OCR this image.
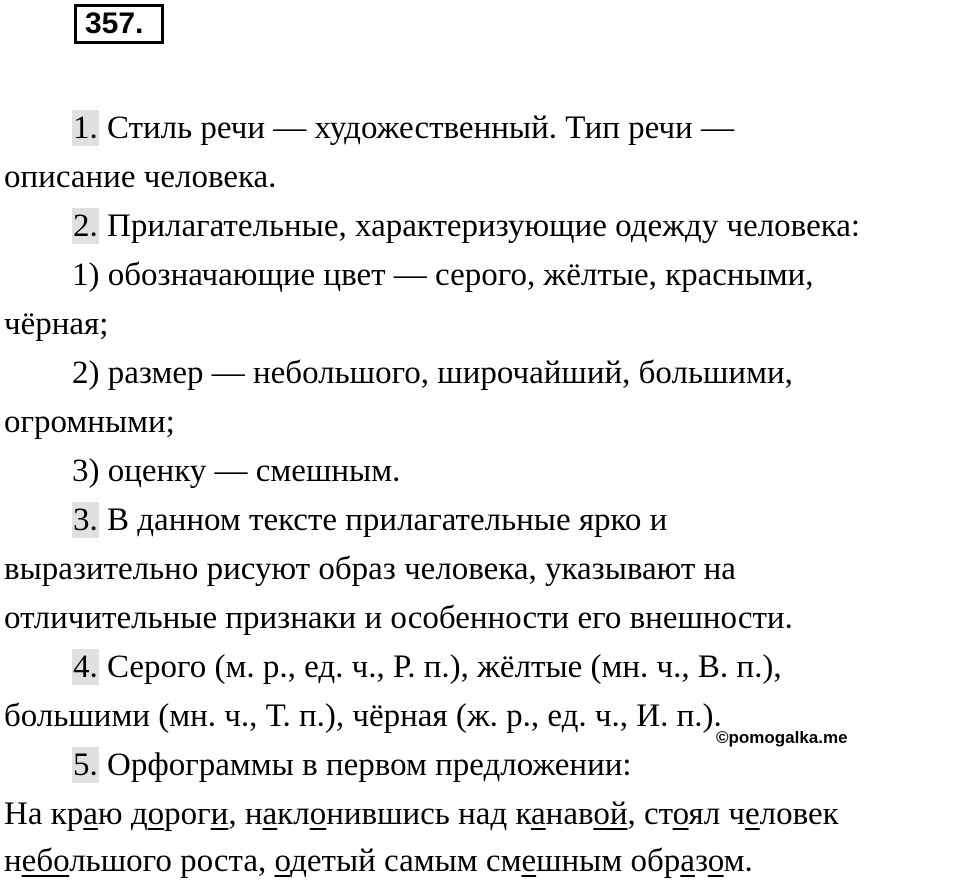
357.
1. Стиль речи — художественный. Тип речи —
описание человека.
2. Прилагательные, характеризующие одежду человека:
1) обозначающие цвет — серого, жёлтые, красными,
чёрная;
2) размер — небольшого, широчайший, большими,
огромными;
3) оценку — смешным.
3. В данном тексте прилагательные ярко и
выразительно рисуют образ человека, указывают на
отличительные признаки и особенности его внешности.
4. Серого (м. р., ед. ч., Р. п.), жёлтые (мн. ч., В. п.),
большими (мн. ч., Т. п.), чёрная (ж. р., ед. ч., И. п.).
5. Орфограммы в первом предложении:
©pomogalka.me
На краю дороги, наклонившись над канавой, стоял человек
небольшого роста, одетый самым смешным образом.
